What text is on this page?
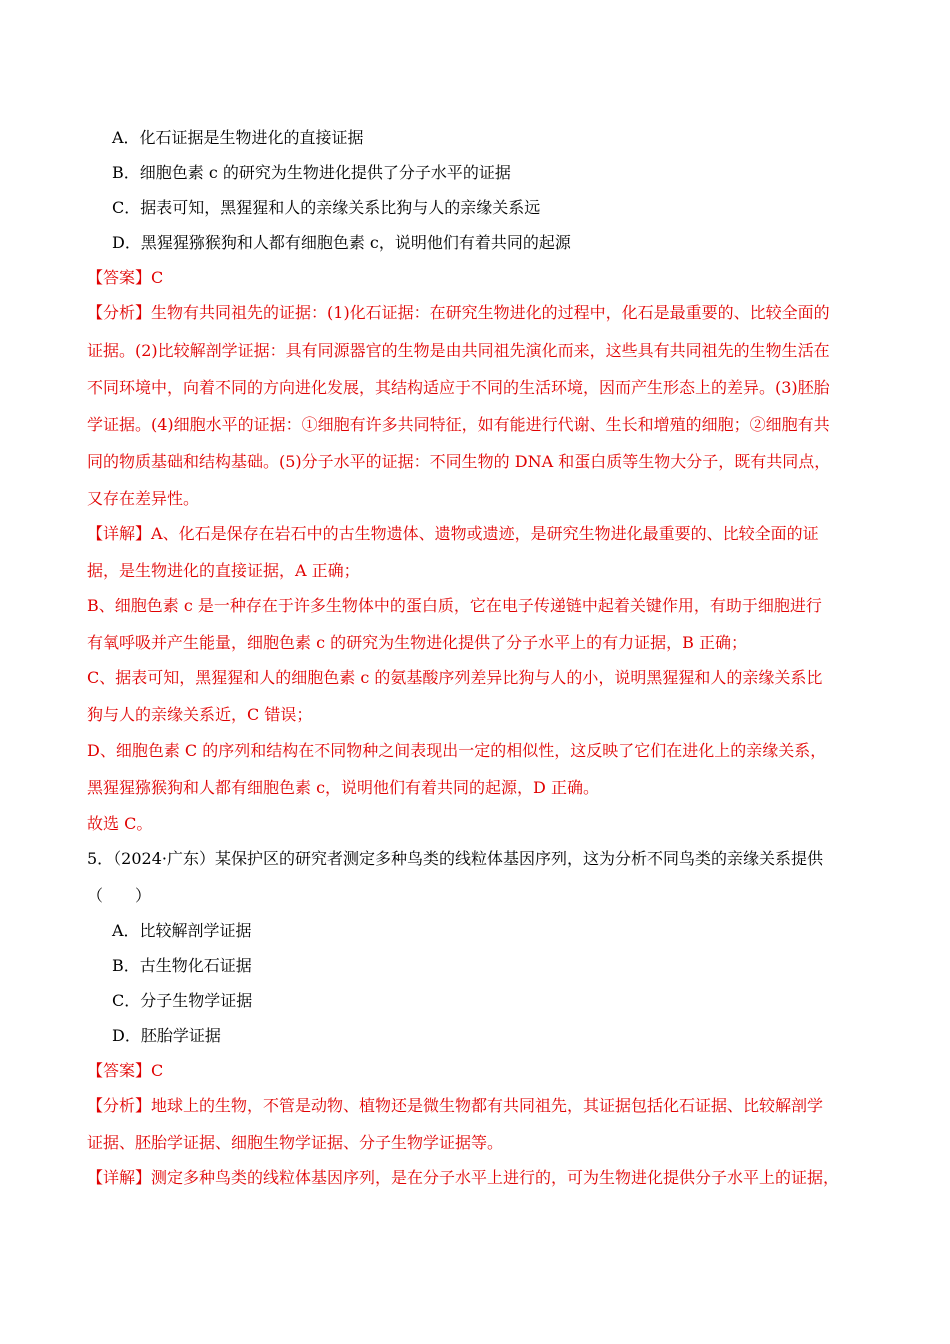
A．化石证据是生物进化的直接证据
B．细胞色素 c 的研究为生物进化提供了分子水平的证据
C．据表可知，黑猩猩和人的亲缘关系比狗与人的亲缘关系远
D．黑猩猩猕猴狗和人都有细胞色素 c，说明他们有着共同的起源
【答案】C
【分析】生物有共同祖先的证据：(1)化石证据：在研究生物进化的过程中，化石是最重要的、比较全面的
证据。(2)比较解剖学证据：具有同源器官的生物是由共同祖先演化而来，这些具有共同祖先的生物生活在
不同环境中，向着不同的方向进化发展，其结构适应于不同的生活环境，因而产生形态上的差异。(3)胚胎
学证据。(4)细胞水平的证据：①细胞有许多共同特征，如有能进行代谢、生长和增殖的细胞；②细胞有共
同的物质基础和结构基础。(5)分子水平的证据：不同生物的 DNA 和蛋白质等生物大分子，既有共同点，
又存在差异性。
【详解】A、化石是保存在岩石中的古生物遗体、遗物或遗迹，是研究生物进化最重要的、比较全面的证
据，是生物进化的直接证据，A 正确；
B、细胞色素 c 是一种存在于许多生物体中的蛋白质，它在电子传递链中起着关键作用，有助于细胞进行
有氧呼吸并产生能量，细胞色素 c 的研究为生物进化提供了分子水平上的有力证据，B 正确；
C、据表可知，黑猩猩和人的细胞色素 c 的氨基酸序列差异比狗与人的小，说明黑猩猩和人的亲缘关系比
狗与人的亲缘关系近，C 错误；
D、细胞色素 C 的序列和结构在不同物种之间表现出一定的相似性，这反映了它们在进化上的亲缘关系，
黑猩猩猕猴狗和人都有细胞色素 c，说明他们有着共同的起源，D 正确。
故选 C。
5．（2024·广东）某保护区的研究者测定多种鸟类的线粒体基因序列，这为分析不同鸟类的亲缘关系提供
（　　）
A．比较解剖学证据
B．古生物化石证据
C．分子生物学证据
D．胚胎学证据
【答案】C
【分析】地球上的生物，不管是动物、植物还是微生物都有共同祖先，其证据包括化石证据、比较解剖学
证据、胚胎学证据、细胞生物学证据、分子生物学证据等。
【详解】测定多种鸟类的线粒体基因序列，是在分子水平上进行的，可为生物进化提供分子水平上的证据，
